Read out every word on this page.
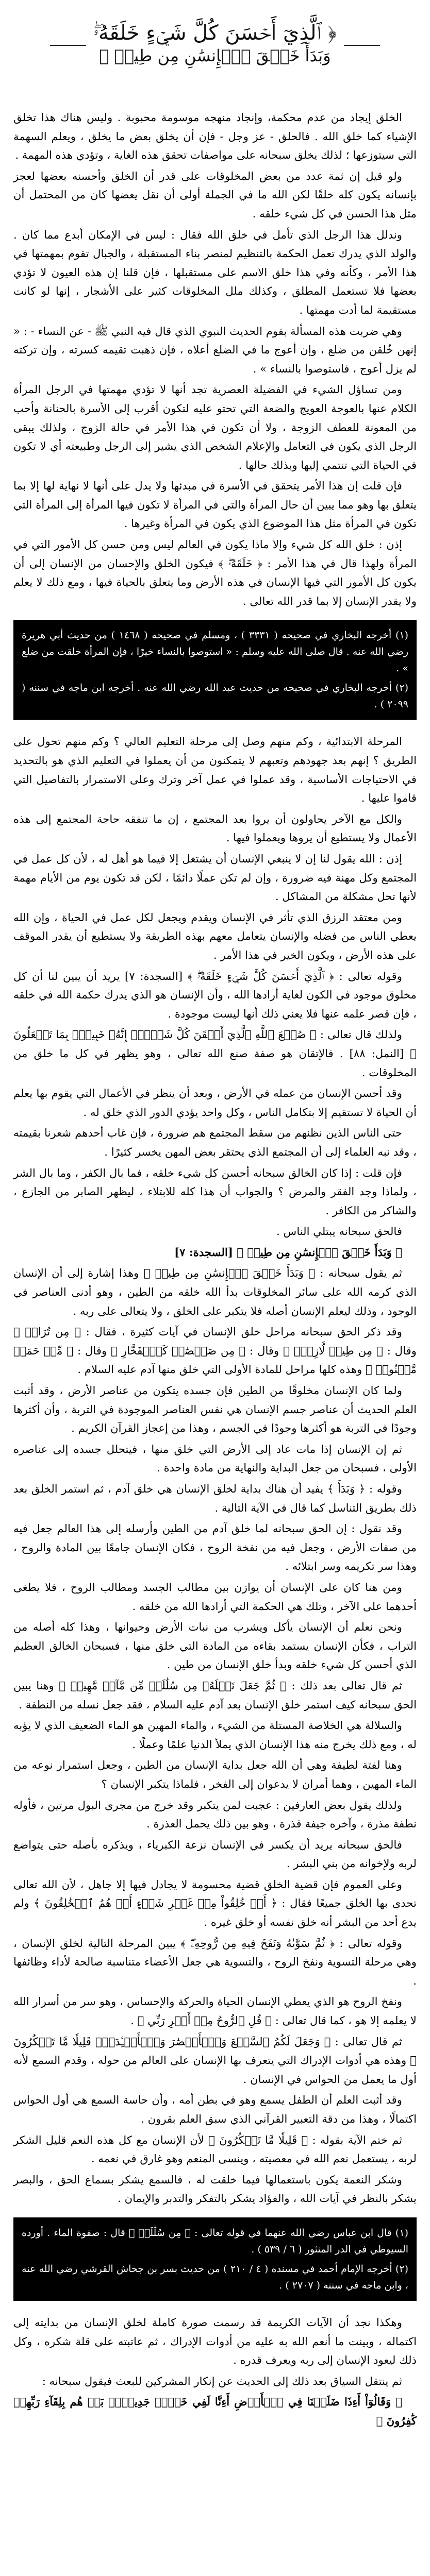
﴿ ٱلَّذِيٓ أَحۡسَنَ كُلَّ شَيۡءٍ خَلَقَهُۥۖ
وَبَدَأَ خَلۡقَ ٱلۡإِنسَٰنِ مِن طِينٖ ﴾

الخلق إيجاد من عدم محكمة، وإنجاد منهجه موسومة محبوبة . وليس هناك هذا تخلق الإشياء كما خلق الله . فالحلق - عز وجل - فإن أن يخلق بعض ما يخلق ، ويعلم السهمة التي سيتوزعها ؛ لذلك يخلق سبحانه على مواصفات تحقق هذه الغاية ، وتؤدي هذه المهمة .

ولو قيل إن ثمة عدد من بعض المخلوقات على قدر أن الخلق وأحسنه بعضها لعجز بإنسانه يكون كله خلقًا لكن الله ما في الجملة أولى أن نقل يعضها كان من المحتمل أن مثل هذا الحسن في كل شيء خلقه .

وندلل هذا الرجل الذي تأمل في خلق الله فقال : ليس في الإمكان أبدع مما كان . والولد الذي يدرك تعمل الحكمة بالتنظيم لمنصر بناء المستقبلة ، والجبال تقوم بمهمتها في هذا الأمر ، وكأنه وفي هذا خلق الاسم على مستقبلها ، فإن قلنا إن هذه العيون لا تؤدي بعضها فلا تستعمل المطلق ، وكذلك ملل المخلوقات كثير على الأشجار ، إنها لو كانت مستقيمة لما أدت مهمتها .

وهي ضربت هذه المسألة بقوم الحديث النبوي الذي قال فيه النبي ﷺ - عن النساء - : « إنهن خُلقن من ضلع ، وإن أعوج ما في الضلع أعلاه ، فإن ذهبت تقيمه كسرته ، وإن تركته لم يزل أعوج ، فاستوصوا بالنساء » .

ومن تساؤل الشيء في الفضيلة العصرية تجد أنها لا تؤدي مهمتها في الرجل المرأة الكلام عنها بالعوجة العويج والضعة التي تحتو عليه لتكون أقرب إلى الأسرة بالحنانة وأحب من المعونة للعطف الزوجة ، ولا أن تكون في هذا الأمر في حالة الزوج ، ولذلك يبقى الرجل الذي يكون في التعامل والإعلام الشخص الذي يشير إلى الرجل وطبيعته أي لا تكون في الحياة التي تنتمي إليها وبذلك حالها .

فإن قلت إن هذا الأمر يتحقق في الأسرة في مبدئها ولا يدل على أنها لا نهاية لها إلا بما يتعلق بها وهو مما يبين أن حال المرأة والتي في المرأة لا تكون فيها المرأة إلى المرأة التي تكون في المرأة مثل هذا الموضوع الذي يكون في المرأة وغيرها .

إذن : خلق الله كل شيء وإلا ماذا يكون في العالم ليس ومن حسن كل الأمور التي في المرأة ولهذا قال في هذا الأمر : ﴿ خَلَقَهُۥۖ ﴾ فيكون الخلق والإحسان من الإنسان إلى أن يكون كل الأمور التي فيها الإنسان في هذه الأرض وما يتعلق بالحياة فيها ، ومع ذلك لا يعلم ولا يقدر الإنسان إلا بما قدر الله تعالى .

(١) أخرجه البخاري في صحيحه ( ٣٣٣١ ) ، ومسلم في صحيحه ( ١٤٦٨ ) من حديث أبي هريرة رضي الله عنه . قال صلى الله عليه وسلم : « استوصوا بالنساء خيرًا ، فإن المرأة خلقت من ضلع » .

(٢) أخرجه البخاري في صحيحه من حديث عبد الله رضي الله عنه . أخرجه ابن ماجه في سننه ( ٢٠٩٩ ) .

المرحلة الابتدائية ، وكم منهم وصل إلى مرحلة التعليم العالي ؟ وكم منهم تحول على الطريق ؟ إنهم بعد جهودهم وتعبهم لا يتمكنون من أن يعملوا في التعليم الذي هو بالتحديد في الاحتياجات الأساسية ، وقد عملوا في عمل آخر وترك وعلى الاستمرار بالتفاصيل التي قاموا عليها .

والكل مع الآخر يحاولون أن يروا بعد المجتمع ، إن ما تنفقه حاجة المجتمع إلى هذه الأعمال ولا يستطيع أن يروها ويعملوا فيها .

إذن : الله يقول لنا إن لا ينبغي الإنسان أن يشتغل إلا فيما هو أهل له ، لأن كل عمل في المجتمع وكل مهنة فيه ضرورة ، وإن لم تكن عملًا دائمًا ، لكن قد تكون يوم من الأيام مهمة لأنها تحل مشكلة من المشاكل .

ومن معتقد الرزق الذي تأثر في الإنسان ويقدم ويجعل لكل عمل في الحياة ، وإن الله يعطي الناس من فضله والإنسان يتعامل معهم بهذه الطريقة ولا يستطيع أن يقدر الموقف على هذه الأرض ، ويكون الخير في هذا الأمر .

وقوله تعالى : ﴿ ٱلَّذِيٓ أَحۡسَنَ كُلَّ شَيۡءٍ خَلَقَهُۥۖ ﴾ [السجدة: ٧] يريد أن يبين لنا أن كل مخلوق موجود في الكون لغاية أرادها الله ، وأن الإنسان هو الذي يدرك حكمة الله في خلقه ، فإن قصر علمه عنها فلا يعني ذلك أنها ليست موجودة .

ولذلك قال تعالى : ﴿ صُنۡعَ ٱللَّهِ ٱلَّذِيٓ أَتۡقَنَ كُلَّ شَيۡءٍۚ إِنَّهُۥ خَبِيرُۢ بِمَا تَفۡعَلُونَ ﴾ [النمل: ٨٨] . فالإتقان هو صفة صنع الله تعالى ، وهو يظهر في كل ما خلق من المخلوقات .

وقد أحسن الإنسان من عمله في الأرض ، وبعد أن ينظر في الأعمال التي يقوم بها يعلم أن الحياة لا تستقيم إلا بتكامل الناس ، وكل واحد يؤدي الدور الذي خلق له .

حتى الناس الذين نظنهم من سقط المجتمع هم ضرورة ، فإن غاب أحدهم شعرنا بقيمته ، وقد نبه العلماء إلى أن المجتمع الذي يحتقر بعض المهن يخسر كثيرًا .

فإن قلت : إذا كان الخالق سبحانه أحسن كل شيء خلقه ، فما بال الكفر ، وما بال الشر ، ولماذا وجد الفقر والمرض ؟ والجواب أن هذا كله للابتلاء ، ليظهر الصابر من الجازع ، والشاكر من الكافر .

فالحق سبحانه يبتلي الناس .

﴿ وَبَدَأَ خَلۡقَ ٱلۡإِنسَٰنِ مِن طِينٖ ﴾ [السجدة: ٧]

ثم يقول سبحانه : ﴿ وَبَدَأَ خَلۡقَ ٱلۡإِنسَٰنِ مِن طِينٖ ﴾ وهذا إشارة إلى أن الإنسان الذي كرمه الله على سائر المخلوقات بدأ الله خلقه من الطين ، وهو أدنى العناصر في الوجود ، وذلك ليعلم الإنسان أصله فلا يتكبر على الخلق ، ولا يتعالى على ربه .

وقد ذكر الحق سبحانه مراحل خلق الإنسان في آيات كثيرة ، فقال : ﴿ مِن تُرَابٖ ﴾ وقال : ﴿ مِن طِينٖ لَّازِبِۭ ﴾ وقال : ﴿ مِن صَلۡصَٰلٖ كَٱلۡفَخَّارِ ﴾ وقال : ﴿ مِّنۡ حَمَإٖ مَّسۡنُونٖ ﴾ وهذه كلها مراحل للمادة الأولى التي خلق منها آدم عليه السلام .

ولما كان الإنسان مخلوقًا من الطين فإن جسده يتكون من عناصر الأرض ، وقد أثبت العلم الحديث أن عناصر جسم الإنسان هي نفس العناصر الموجودة في التربة ، وأن أكثرها وجودًا في التربة هو أكثرها وجودًا في الجسم ، وهذا من إعجاز القرآن الكريم .

ثم إن الإنسان إذا مات عاد إلى الأرض التي خلق منها ، فيتحلل جسده إلى عناصره الأولى ، فسبحان من جعل البداية والنهاية من مادة واحدة .

وقوله : ﴿ وَبَدَأَ ﴾ يفيد أن هناك بداية لخلق الإنسان هي خلق آدم ، ثم استمر الخلق بعد ذلك بطريق التناسل كما قال في الآية التالية .

وقد نقول : إن الحق سبحانه لما خلق آدم من الطين وأرسله إلى هذا العالم جعل فيه من صفات الأرض ، وجعل فيه من نفخة الروح ، فكان الإنسان جامعًا بين المادة والروح ، وهذا سر تكريمه وسر ابتلائه .

ومن هنا كان على الإنسان أن يوازن بين مطالب الجسد ومطالب الروح ، فلا يطغى أحدهما على الآخر ، وتلك هي الحكمة التي أرادها الله من خلقه .

ونحن نعلم أن الإنسان يأكل ويشرب من نبات الأرض وحيوانها ، وهذا كله أصله من التراب ، فكأن الإنسان يستمد بقاءه من المادة التي خلق منها ، فسبحان الخالق العظيم الذي أحسن كل شيء خلقه وبدأ خلق الإنسان من طين .

ثم قال تعالى بعد ذلك : ﴿ ثُمَّ جَعَلَ نَسۡلَهُۥ مِن سُلَٰلَةٖ مِّن مَّآءٖ مَّهِينٖ ﴾ وهنا يبين الحق سبحانه كيف استمر خلق الإنسان بعد آدم عليه السلام ، فقد جعل نسله من النطفة .

والسلالة هي الخلاصة المستلة من الشيء ، والماء المهين هو الماء الضعيف الذي لا يؤبه له ، ومع ذلك يخرج منه هذا الإنسان الذي يملأ الدنيا علمًا وعملًا .

وهنا لفتة لطيفة وهي أن الله جعل بداية الإنسان من الطين ، وجعل استمرار نوعه من الماء المهين ، وهما أمران لا يدعوان إلى الفخر ، فلماذا يتكبر الإنسان ؟

ولذلك يقول بعض العارفين : عجبت لمن يتكبر وقد خرج من مجرى البول مرتين ، فأوله نطفة مذرة ، وآخره جيفة قذرة ، وهو بين ذلك يحمل العذرة .

فالحق سبحانه يريد أن يكسر في الإنسان نزعة الكبرياء ، ويذكره بأصله حتى يتواضع لربه ولإخوانه من بني البشر .

وعلى العموم فإن قضية الخلق قضية محسومة لا يجادل فيها إلا جاهل ، لأن الله تعالى تحدى بها الخلق جميعًا فقال : ﴿ أَمۡ خُلِقُواْ مِنۡ غَيۡرِ شَيۡءٍ أَمۡ هُمُ ٱلۡخَٰلِقُونَ ﴾ ولم يدع أحد من البشر أنه خلق نفسه أو خلق غيره .

وقوله تعالى : ﴿ ثُمَّ سَوَّىٰهُ وَنَفَخَ فِيهِ مِن رُّوحِهِۦۖ ﴾ يبين المرحلة التالية لخلق الإنسان ، وهي مرحلة التسوية ونفخ الروح ، والتسوية هي جعل الأعضاء متناسبة صالحة لأداء وظائفها .

ونفخ الروح هو الذي يعطي الإنسان الحياة والحركة والإحساس ، وهو سر من أسرار الله لا يعلمه إلا هو ، كما قال تعالى : ﴿ قُلِ ٱلرُّوحُ مِنۡ أَمۡرِ رَبِّي ﴾ .

ثم قال تعالى : ﴿ وَجَعَلَ لَكُمُ ٱلسَّمۡعَ وَٱلۡأَبۡصَٰرَ وَٱلۡأَفۡـِٔدَةَۚ قَلِيلٗا مَّا تَشۡكُرُونَ ﴾ وهذه هي أدوات الإدراك التي يتعرف بها الإنسان على العالم من حوله ، وقدم السمع لأنه أول ما يعمل من الحواس في الإنسان .

وقد أثبت العلم أن الطفل يسمع وهو في بطن أمه ، وأن حاسة السمع هي أول الحواس اكتمالًا ، وهذا من دقة التعبير القرآني الذي سبق العلم بقرون .

ثم ختم الآية بقوله : ﴿ قَلِيلٗا مَّا تَشۡكُرُونَ ﴾ لأن الإنسان مع كل هذه النعم قليل الشكر لربه ، يستعمل نعم الله في معصيته ، وينسى المنعم وهو غارق في نعمه .

وشكر النعمة يكون باستعمالها فيما خلقت له ، فالسمع يشكر بسماع الحق ، والبصر يشكر بالنظر في آيات الله ، والفؤاد يشكر بالتفكر والتدبر والإيمان .

(١) قال ابن عباس رضي الله عنهما في قوله تعالى : ﴿ مِن سُلَٰلَةٖ ﴾ قال : صفوة الماء . أورده السيوطي في الدر المنثور ( ٦ / ٥٣٩ ) .

(٢) أخرجه الإمام أحمد في مسنده ( ٤ / ٢١٠ ) من حديث بسر بن جحاش القرشي رضي الله عنه ، وابن ماجه في سننه ( ٢٧٠٧ ) .

وهكذا نجد أن الآيات الكريمة قد رسمت صورة كاملة لخلق الإنسان من بدايته إلى اكتماله ، وبينت ما أنعم الله به عليه من أدوات الإدراك ، ثم عاتبته على قلة شكره ، وكل ذلك ليعود الإنسان إلى ربه ويعرف قدره .

ثم ينتقل السياق بعد ذلك إلى الحديث عن إنكار المشركين للبعث فيقول سبحانه :

﴿ وَقَالُوٓاْ أَءِذَا ضَلَلۡنَا فِي ٱلۡأَرۡضِ أَءِنَّا لَفِي خَلۡقٖ جَدِيدِۭۚ بَلۡ هُم بِلِقَآءِ رَبِّهِمۡ كَٰفِرُونَ ﴾
